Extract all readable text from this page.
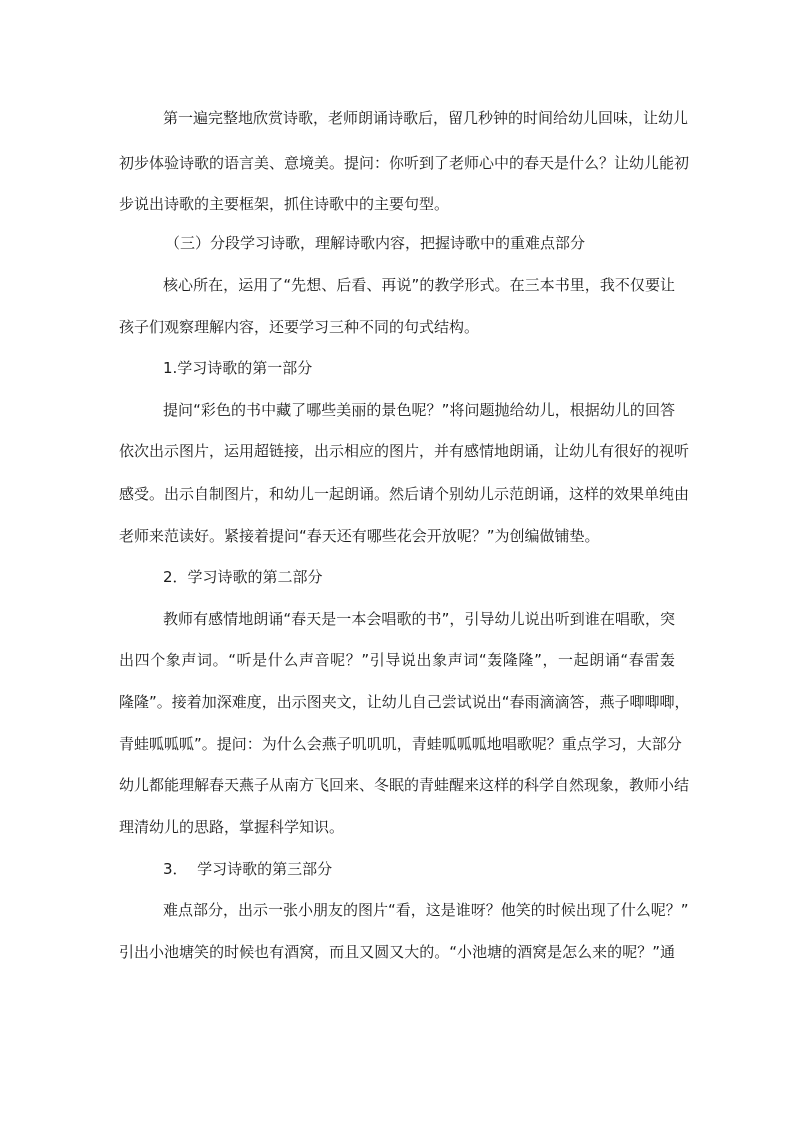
第一遍完整地欣赏诗歌，老师朗诵诗歌后，留几秒钟的时间给幼儿回味，让幼儿
初步体验诗歌的语言美、意境美。提问：你听到了老师心中的春天是什么？让幼儿能初
步说出诗歌的主要框架，抓住诗歌中的主要句型。
（三）分段学习诗歌，理解诗歌内容，把握诗歌中的重难点部分
核心所在，运用了“先想、后看、再说”的教学形式。在三本书里，我不仅要让
孩子们观察理解内容，还要学习三种不同的句式结构。
1.学习诗歌的第一部分
提问“彩色的书中藏了哪些美丽的景色呢？”将问题抛给幼儿，根据幼儿的回答
依次出示图片，运用超链接，出示相应的图片，并有感情地朗诵，让幼儿有很好的视听
感受。出示自制图片，和幼儿一起朗诵。然后请个别幼儿示范朗诵，这样的效果单纯由
老师来范读好。紧接着提问“春天还有哪些花会开放呢？”为创编做铺垫。
2．学习诗歌的第二部分
教师有感情地朗诵“春天是一本会唱歌的书”，引导幼儿说出听到谁在唱歌，突
出四个象声词。“听是什么声音呢？”引导说出象声词“轰隆隆”，一起朗诵“春雷轰
隆隆”。接着加深难度，出示图夹文，让幼儿自己尝试说出“春雨滴滴答，燕子唧唧唧，
青蛙呱呱呱”。提问：为什么会燕子叽叽叽，青蛙呱呱呱地唱歌呢？重点学习，大部分
幼儿都能理解春天燕子从南方飞回来、冬眠的青蛙醒来这样的科学自然现象，教师小结
理清幼儿的思路，掌握科学知识。
3．  学习诗歌的第三部分
难点部分，出示一张小朋友的图片“看，这是谁呀？他笑的时候出现了什么呢？”
引出小池塘笑的时候也有酒窝，而且又圆又大的。“小池塘的酒窝是怎么来的呢？”通
